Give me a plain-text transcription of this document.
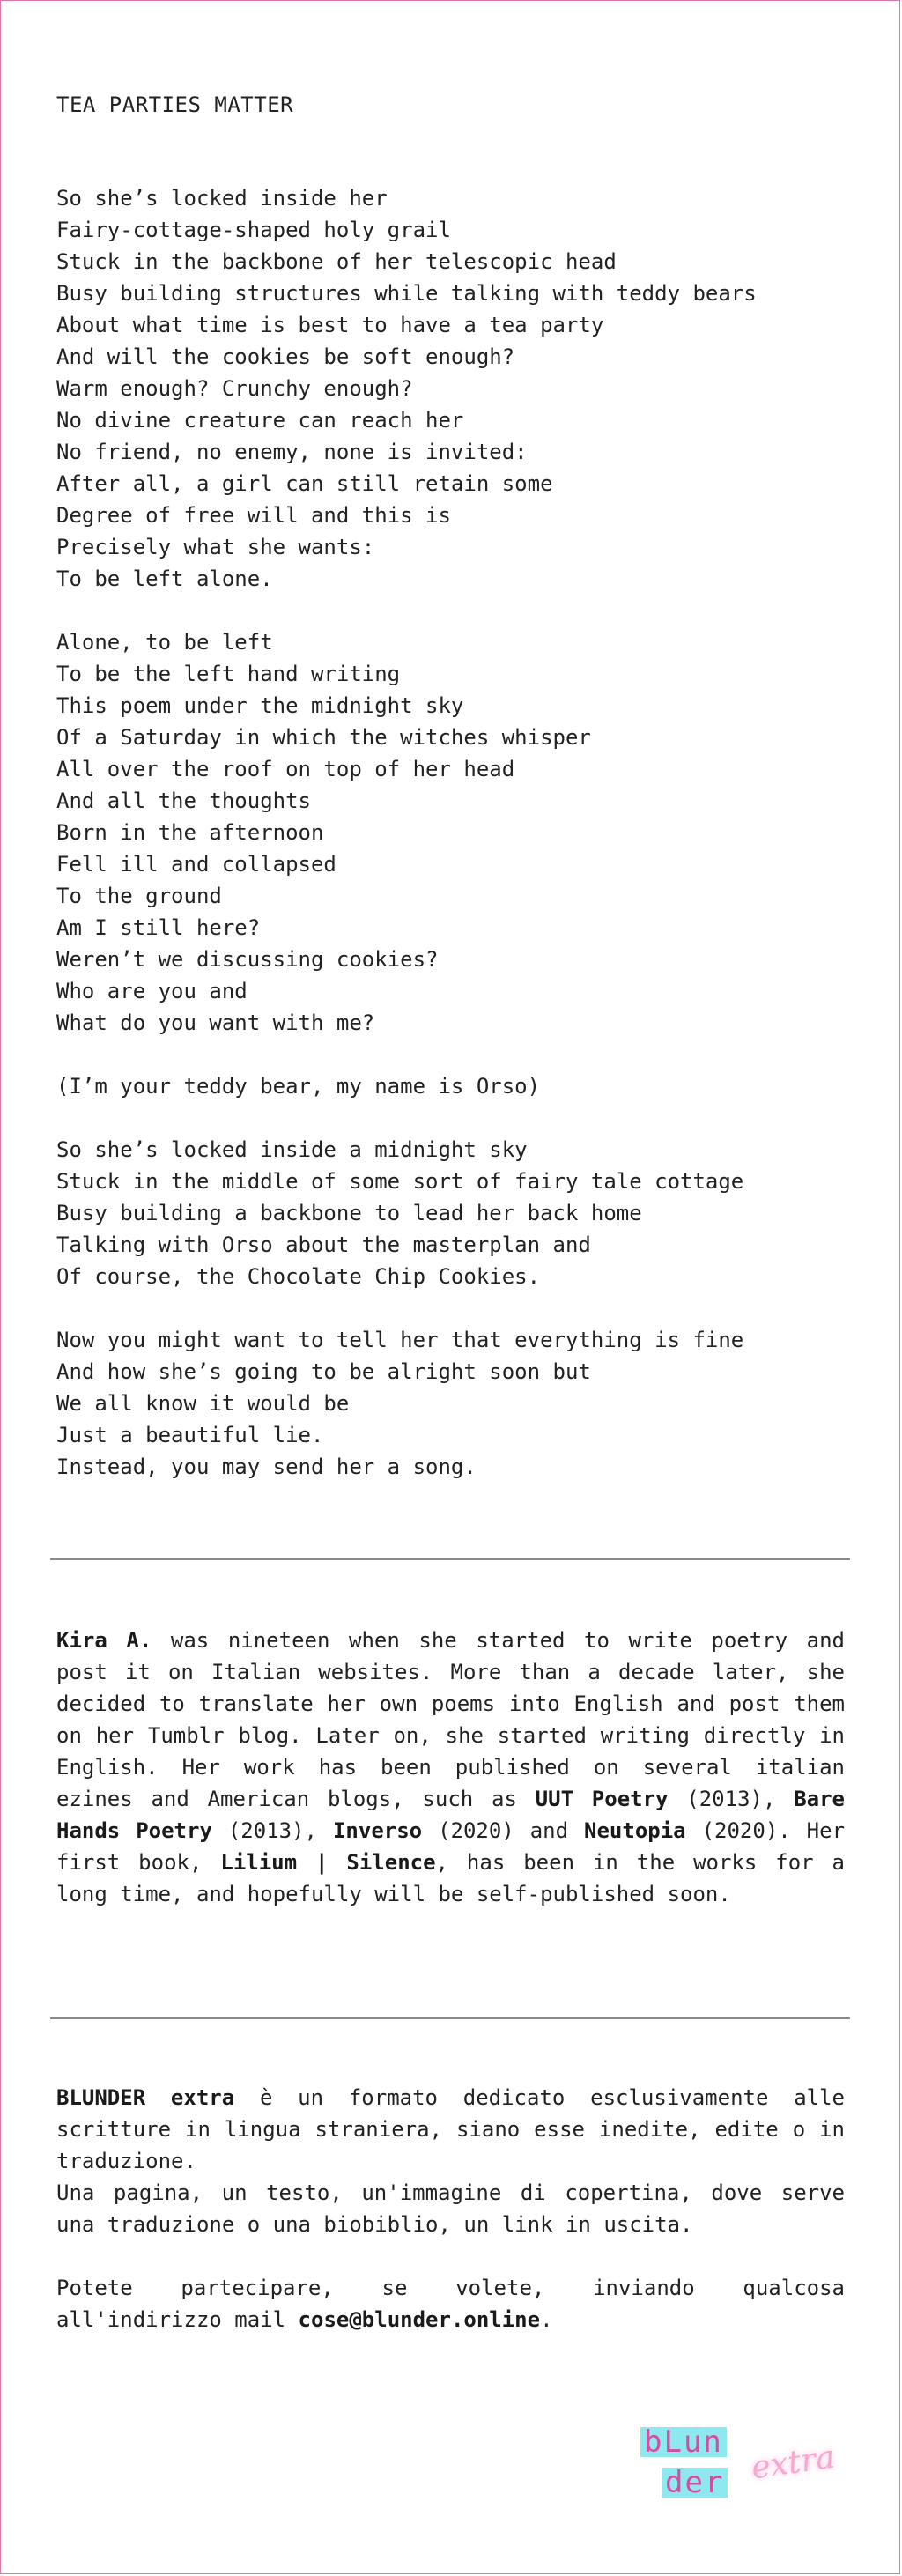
TEA PARTIES MATTER
So she’s locked inside her
Fairy-cottage-shaped holy grail
Stuck in the backbone of her telescopic head
Busy building structures while talking with teddy bears
About what time is best to have a tea party
And will the cookies be soft enough?
Warm enough? Crunchy enough?
No divine creature can reach her
No friend, no enemy, none is invited:
After all, a girl can still retain some
Degree of free will and this is
Precisely what she wants:
To be left alone.
Alone, to be left
To be the left hand writing
This poem under the midnight sky
Of a Saturday in which the witches whisper
All over the roof on top of her head
And all the thoughts
Born in the afternoon
Fell ill and collapsed
To the ground
Am I still here?
Weren’t we discussing cookies?
Who are you and
What do you want with me?
(I’m your teddy bear, my name is Orso)
So she’s locked inside a midnight sky
Stuck in the middle of some sort of fairy tale cottage
Busy building a backbone to lead her back home
Talking with Orso about the masterplan and
Of course, the Chocolate Chip Cookies.
Now you might want to tell her that everything is fine
And how she’s going to be alright soon but
We all know it would be
Just a beautiful lie.
Instead, you may send her a song.
Kira A. was nineteen when she started to write poetry and post it on Italian websites. More than a decade later, she decided to translate her own poems into English and post them on her Tumblr blog. Later on, she started writing directly in English. Her work has been published on several italian ezines and American blogs, such as UUT Poetry (2013), Bare Hands Poetry (2013), Inverso (2020) and Neutopia (2020). Her first book, Lilium | Silence, has been in the works for a long time, and hopefully will be self-published soon.

BLUNDER extra è un formato dedicato esclusivamente alle scritture in lingua straniera, siano esse inedite, edite o in traduzione.

Una pagina, un testo, un'immagine di copertina, dove serve una traduzione o una biobiblio, un link in uscita.

Potete partecipare, se volete, inviando qualcosa all'indirizzo mail cose@blunder.online.

bLun
der extra
